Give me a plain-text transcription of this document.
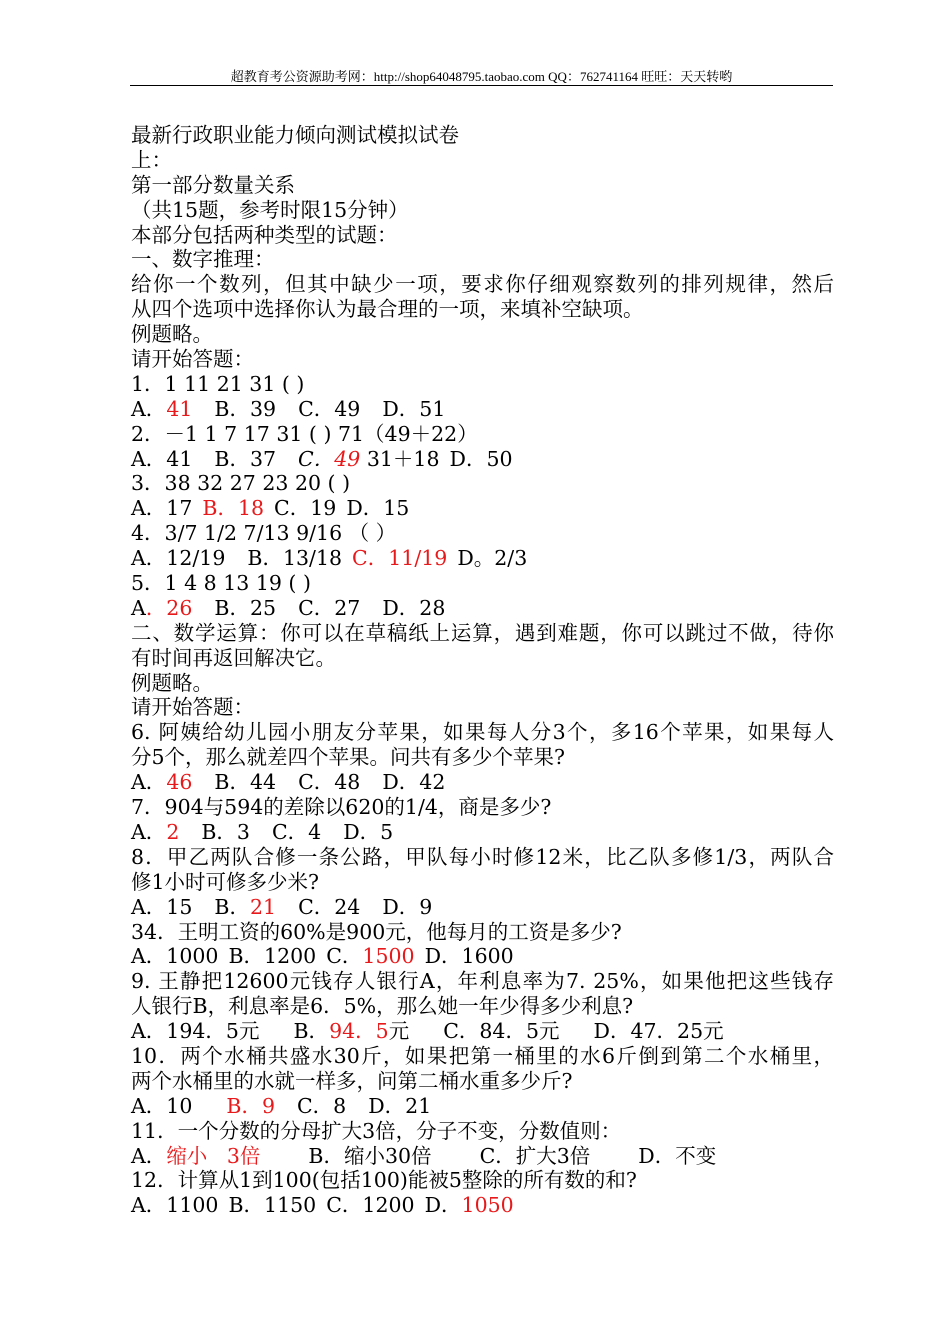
超教育考公资源助考网：http://shop64048795.taobao.com QQ：762741164 旺旺：天天转哟
最新行政职业能力倾向测试模拟试卷
上：
第一部分数量关系
（共15题，参考时限15分钟）
本部分包括两种类型的试题：
一、数字推理：
给你一个数列，但其中缺少一项，要求你仔细观察数列的排列规律，然后
从四个选项中选择你认为最合理的一项，来填补空缺项。
例题略。
请开始答题：
1．1 11 21 31 ( )
A．41 B．39 C．49 D．51
2．－1 1 7 17 31 ( ) 71（49＋22）
A．41 B．37 C．49 31＋18 D．50
3．38 32 27 23 20 ( )
A．17 B．18 C．19 D．15
4．3/7 1/2 7/13 9/16 （ ）
A．12/19 B．13/18 C．11/19 D。2/3
5．1 4 8 13 19 ( )
A．26 B．25 C．27 D．28
二、数学运算：你可以在草稿纸上运算，遇到难题，你可以跳过不做，待你
有时间再返回解决它。
例题略。
请开始答题：
6. 阿姨给幼儿园小朋友分苹果，如果每人分3个，多16个苹果，如果每人
分5个，那么就差四个苹果。问共有多少个苹果?
A．46 B．44 C．48 D．42
7．904与594的差除以620的1/4，商是多少?
A．2 B．3 C．4 D．5
8．甲乙两队合修一条公路，甲队每小时修12米，比乙队多修1/3，两队合
修1小时可修多少米?
A．15 B．21 C．24 D．9
34．王明工资的60%是900元，他每月的工资是多少?
A．1000 B．1200 C．1500 D．1600
9. 王静把12600元钱存人银行A，年利息率为7. 25%，如果他把这些钱存
人银行B，利息率是6．5%，那么她一年少得多少利息?
A．194．5元 B．94．5元 C．84．5元 D．47．25元
10．两个水桶共盛水30斤，如果把第一桶里的水6斤倒到第二个水桶里，
两个水桶里的水就一样多，问第二桶水重多少斤?
A．10 B．9 C．8 D．21
11．一个分数的分母扩大3倍，分子不变，分数值则：
A．缩小   3倍 B．缩小30倍 C．扩大3倍 D．不变
12．计算从1到100(包括100)能被5整除的所有数的和?
A．1100 B．1150 C．1200 D．1050
